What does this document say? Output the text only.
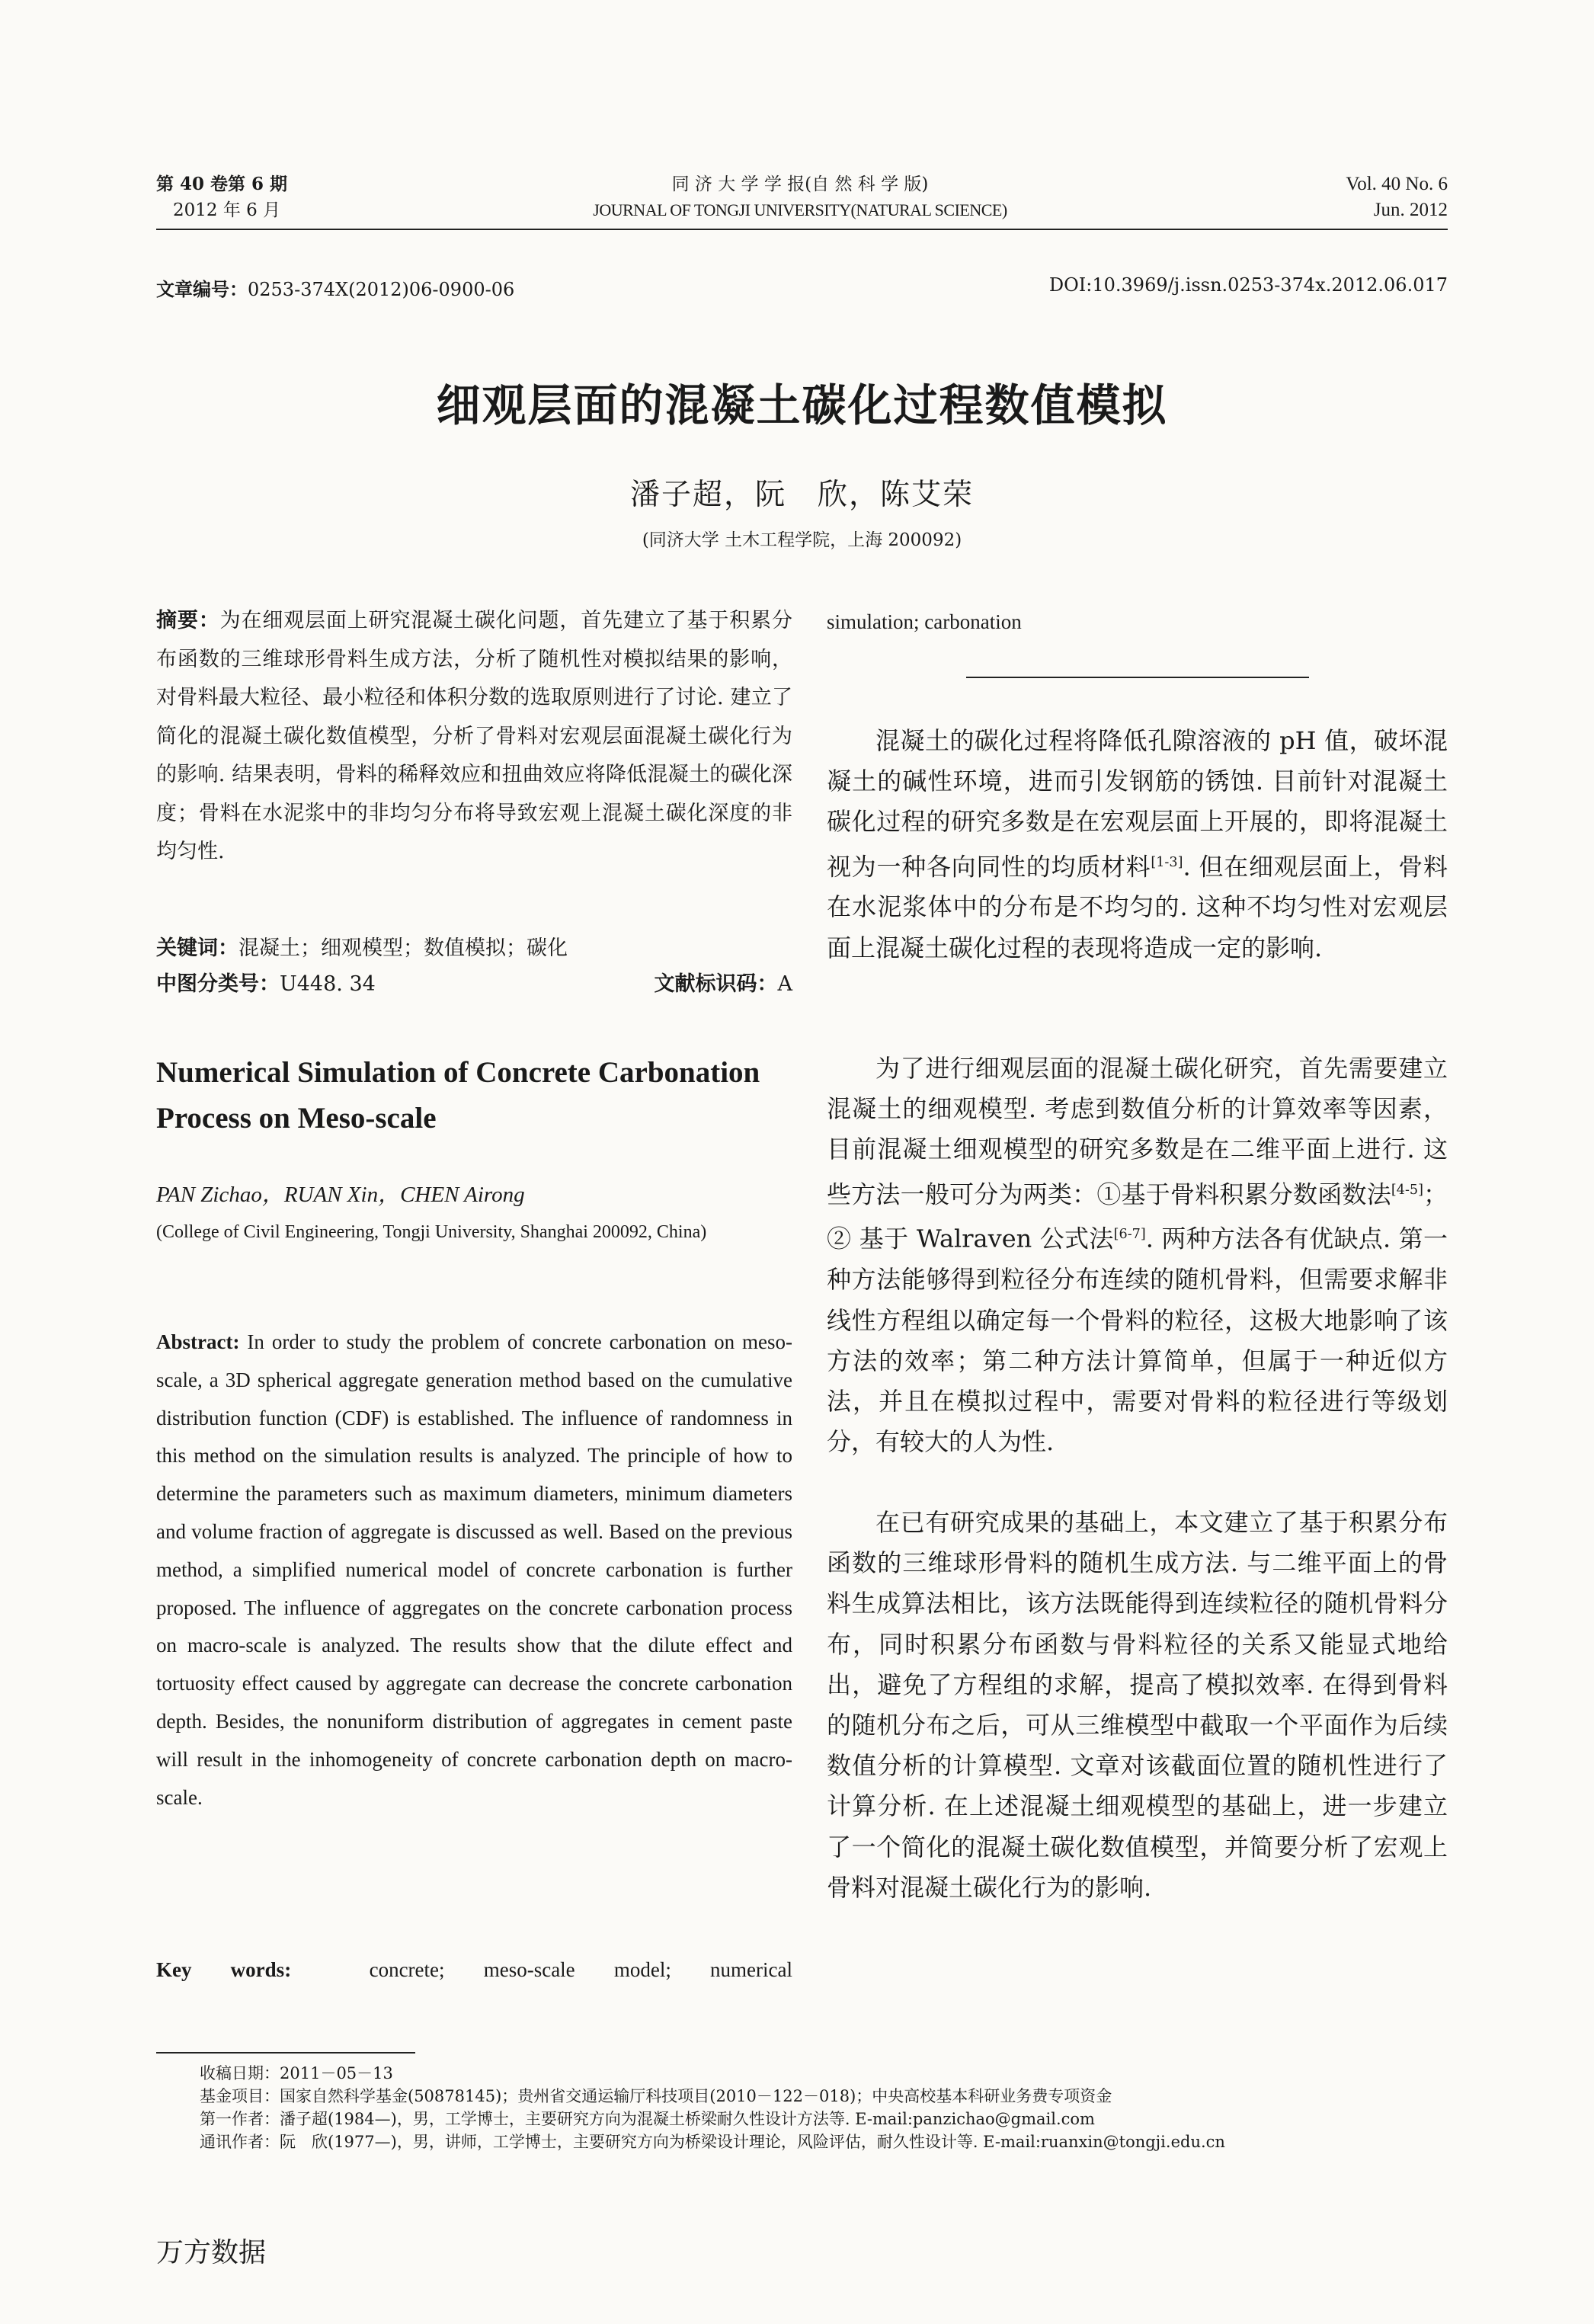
第 40 卷第 6 期
2012 年 6 月
同 济 大 学 学 报(自 然 科 学 版)
JOURNAL OF TONGJI UNIVERSITY(NATURAL SCIENCE)
Vol. 40 No. 6
Jun. 2012
文章编号：0253-374X(2012)06-0900-06	DOI:10.3969/j.issn.0253-374x.2012.06.017
细观层面的混凝土碳化过程数值模拟
潘子超，阮　欣，陈艾荣
(同济大学 土木工程学院，上海 200092)
摘要：为在细观层面上研究混凝土碳化问题，首先建立了基于积累分布函数的三维球形骨料生成方法，分析了随机性对模拟结果的影响，对骨料最大粒径、最小粒径和体积分数的选取原则进行了讨论. 建立了简化的混凝土碳化数值模型，分析了骨料对宏观层面混凝土碳化行为的影响. 结果表明，骨料的稀释效应和扭曲效应将降低混凝土的碳化深度；骨料在水泥浆中的非均匀分布将导致宏观上混凝土碳化深度的非均匀性.
关键词：混凝土；细观模型；数值模拟；碳化
中图分类号：U448. 34	文献标识码：A
Numerical Simulation of Concrete Carbonation
Process on Meso-scale
PAN Zichao，RUAN Xin，CHEN Airong
(College of Civil Engineering, Tongji University, Shanghai 200092, China)
Abstract: In order to study the problem of concrete carbonation on meso-scale, a 3D spherical aggregate generation method based on the cumulative distribution function (CDF) is established. The influence of randomness in this method on the simulation results is analyzed. The principle of how to determine the parameters such as maximum diameters, minimum diameters and volume fraction of aggregate is discussed as well. Based on the previous method, a simplified numerical model of concrete carbonation is further proposed. The influence of aggregates on the concrete carbonation process on macro-scale is analyzed. The results show that the dilute effect and tortuosity effect caused by aggregate can decrease the concrete carbonation depth. Besides, the nonuniform distribution of aggregates in cement paste will result in the inhomogeneity of concrete carbonation depth on macro-scale.
Key words:	concrete; meso-scale model; numerical
simulation; carbonation
混凝土的碳化过程将降低孔隙溶液的 pH 值，破坏混凝土的碱性环境，进而引发钢筋的锈蚀. 目前针对混凝土碳化过程的研究多数是在宏观层面上开展的，即将混凝土视为一种各向同性的均质材料[1-3]. 但在细观层面上，骨料在水泥浆体中的分布是不均匀的. 这种不均匀性对宏观层面上混凝土碳化过程的表现将造成一定的影响.
为了进行细观层面的混凝土碳化研究，首先需要建立混凝土的细观模型. 考虑到数值分析的计算效率等因素，目前混凝土细观模型的研究多数是在二维平面上进行. 这些方法一般可分为两类：①基于骨料积累分数函数法[4-5]；② 基于 Walraven 公式法[6-7]. 两种方法各有优缺点. 第一种方法能够得到粒径分布连续的随机骨料，但需要求解非线性方程组以确定每一个骨料的粒径，这极大地影响了该方法的效率；第二种方法计算简单，但属于一种近似方法，并且在模拟过程中，需要对骨料的粒径进行等级划分，有较大的人为性.
在已有研究成果的基础上，本文建立了基于积累分布函数的三维球形骨料的随机生成方法. 与二维平面上的骨料生成算法相比，该方法既能得到连续粒径的随机骨料分布，同时积累分布函数与骨料粒径的关系又能显式地给出，避免了方程组的求解，提高了模拟效率. 在得到骨料的随机分布之后，可从三维模型中截取一个平面作为后续数值分析的计算模型. 文章对该截面位置的随机性进行了计算分析. 在上述混凝土细观模型的基础上，进一步建立了一个简化的混凝土碳化数值模型，并简要分析了宏观上骨料对混凝土碳化行为的影响.
收稿日期：2011－05－13
基金项目：国家自然科学基金(50878145)；贵州省交通运输厅科技项目(2010－122－018)；中央高校基本科研业务费专项资金
第一作者：潘子超(1984—)，男，工学博士，主要研究方向为混凝土桥梁耐久性设计方法等. E-mail:panzichao@gmail.com
通讯作者：阮　欣(1977—)，男，讲师，工学博士，主要研究方向为桥梁设计理论，风险评估，耐久性设计等. E-mail:ruanxin@tongji.edu.cn
万方数据
